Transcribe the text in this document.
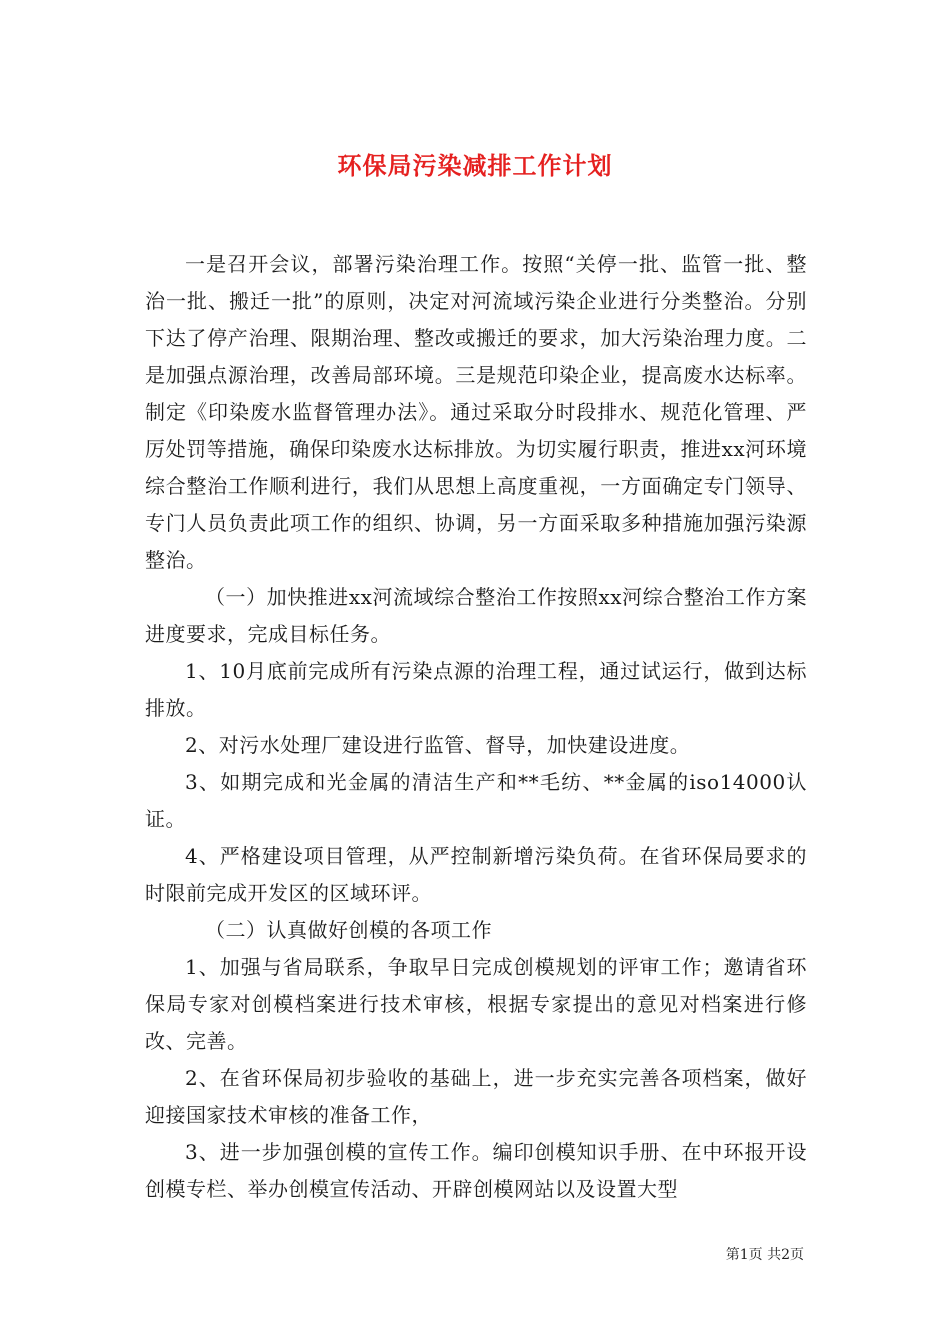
环保局污染减排工作计划

一是召开会议，部署污染治理工作。按照“关停一批、监管一批、整治一批、搬迁一批”的原则，决定对河流域污染企业进行分类整治。分别下达了停产治理、限期治理、整改或搬迁的要求，加大污染治理力度。二是加强点源治理，改善局部环境。三是规范印染企业，提高废水达标率。制定《印染废水监督管理办法》。通过采取分时段排水、规范化管理、严厉处罚等措施，确保印染废水达标排放。为切实履行职责，推进xx河环境综合整治工作顺利进行，我们从思想上高度重视，一方面确定专门领导、专门人员负责此项工作的组织、协调，另一方面采取多种措施加强污染源整治。

（一）加快推进xx河流域综合整治工作按照xx河综合整治工作方案进度要求，完成目标任务。

1、10月底前完成所有污染点源的治理工程，通过试运行，做到达标排放。

2、对污水处理厂建设进行监管、督导，加快建设进度。

3、如期完成和光金属的清洁生产和**毛纺、**金属的iso14000认证。

4、严格建设项目管理，从严控制新增污染负荷。在省环保局要求的时限前完成开发区的区域环评。

（二）认真做好创模的各项工作

1、加强与省局联系，争取早日完成创模规划的评审工作；邀请省环保局专家对创模档案进行技术审核，根据专家提出的意见对档案进行修改、完善。

2、在省环保局初步验收的基础上，进一步充实完善各项档案，做好迎接国家技术审核的准备工作，

3、进一步加强创模的宣传工作。编印创模知识手册、在中环报开设创模专栏、举办创模宣传活动、开辟创模网站以及设置大型

第1页 共2页
